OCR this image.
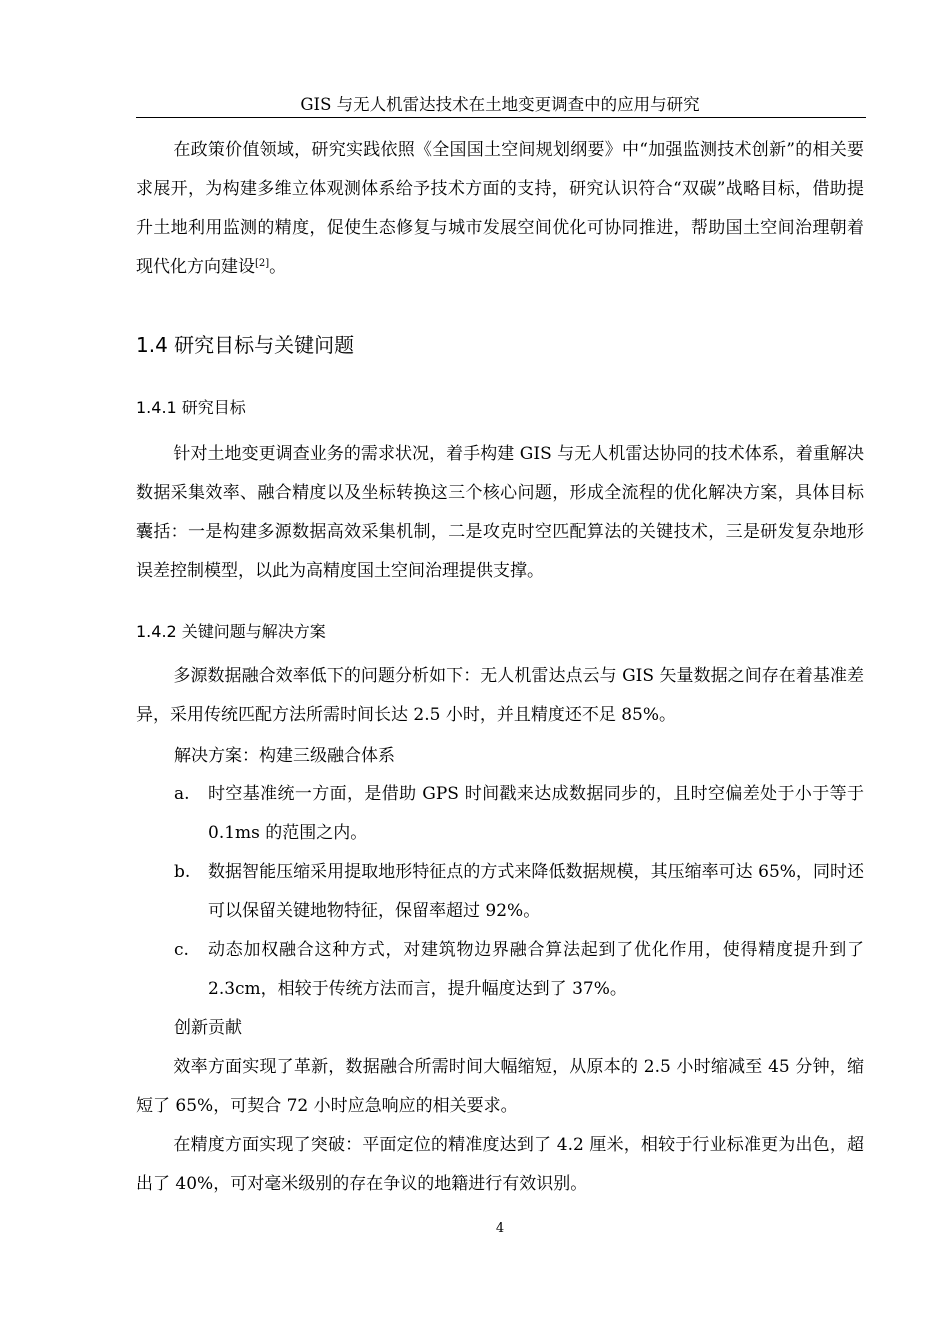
GIS 与无人机雷达技术在土地变更调查中的应用与研究

在政策价值领域，研究实践依照《全国国土空间规划纲要》中“加强监测技术创新”的相关要求展开，为构建多维立体观测体系给予技术方面的支持，研究认识符合“双碳”战略目标，借助提升土地利用监测的精度，促使生态修复与城市发展空间优化可协同推进，帮助国土空间治理朝着现代化方向建设[2]。

1.4 研究目标与关键问题
1.4.1 研究目标

针对土地变更调查业务的需求状况，着手构建 GIS 与无人机雷达协同的技术体系，着重解决数据采集效率、融合精度以及坐标转换这三个核心问题，形成全流程的优化解决方案，具体目标囊括：一是构建多源数据高效采集机制，二是攻克时空匹配算法的关键技术，三是研发复杂地形误差控制模型，以此为高精度国土空间治理提供支撑。

1.4.2 关键问题与解决方案

多源数据融合效率低下的问题分析如下：无人机雷达点云与 GIS 矢量数据之间存在着基准差异，采用传统匹配方法所需时间长达 2.5 小时，并且精度还不足 85%。

解决方案：构建三级融合体系

a.	时空基准统一方面，是借助 GPS 时间戳来达成数据同步的，且时空偏差处于小于等于 0.1ms 的范围之内。
b.	数据智能压缩采用提取地形特征点的方式来降低数据规模，其压缩率可达 65%，同时还可以保留关键地物特征，保留率超过 92%。
c.	动态加权融合这种方式，对建筑物边界融合算法起到了优化作用，使得精度提升到了 2.3cm，相较于传统方法而言，提升幅度达到了 37%。

创新贡献

效率方面实现了革新，数据融合所需时间大幅缩短，从原本的 2.5 小时缩减至 45 分钟，缩短了 65%，可契合 72 小时应急响应的相关要求。

在精度方面实现了突破：平面定位的精准度达到了 4.2 厘米，相较于行业标准更为出色，超出了 40%，可对毫米级别的存在争议的地籍进行有效识别。

4
